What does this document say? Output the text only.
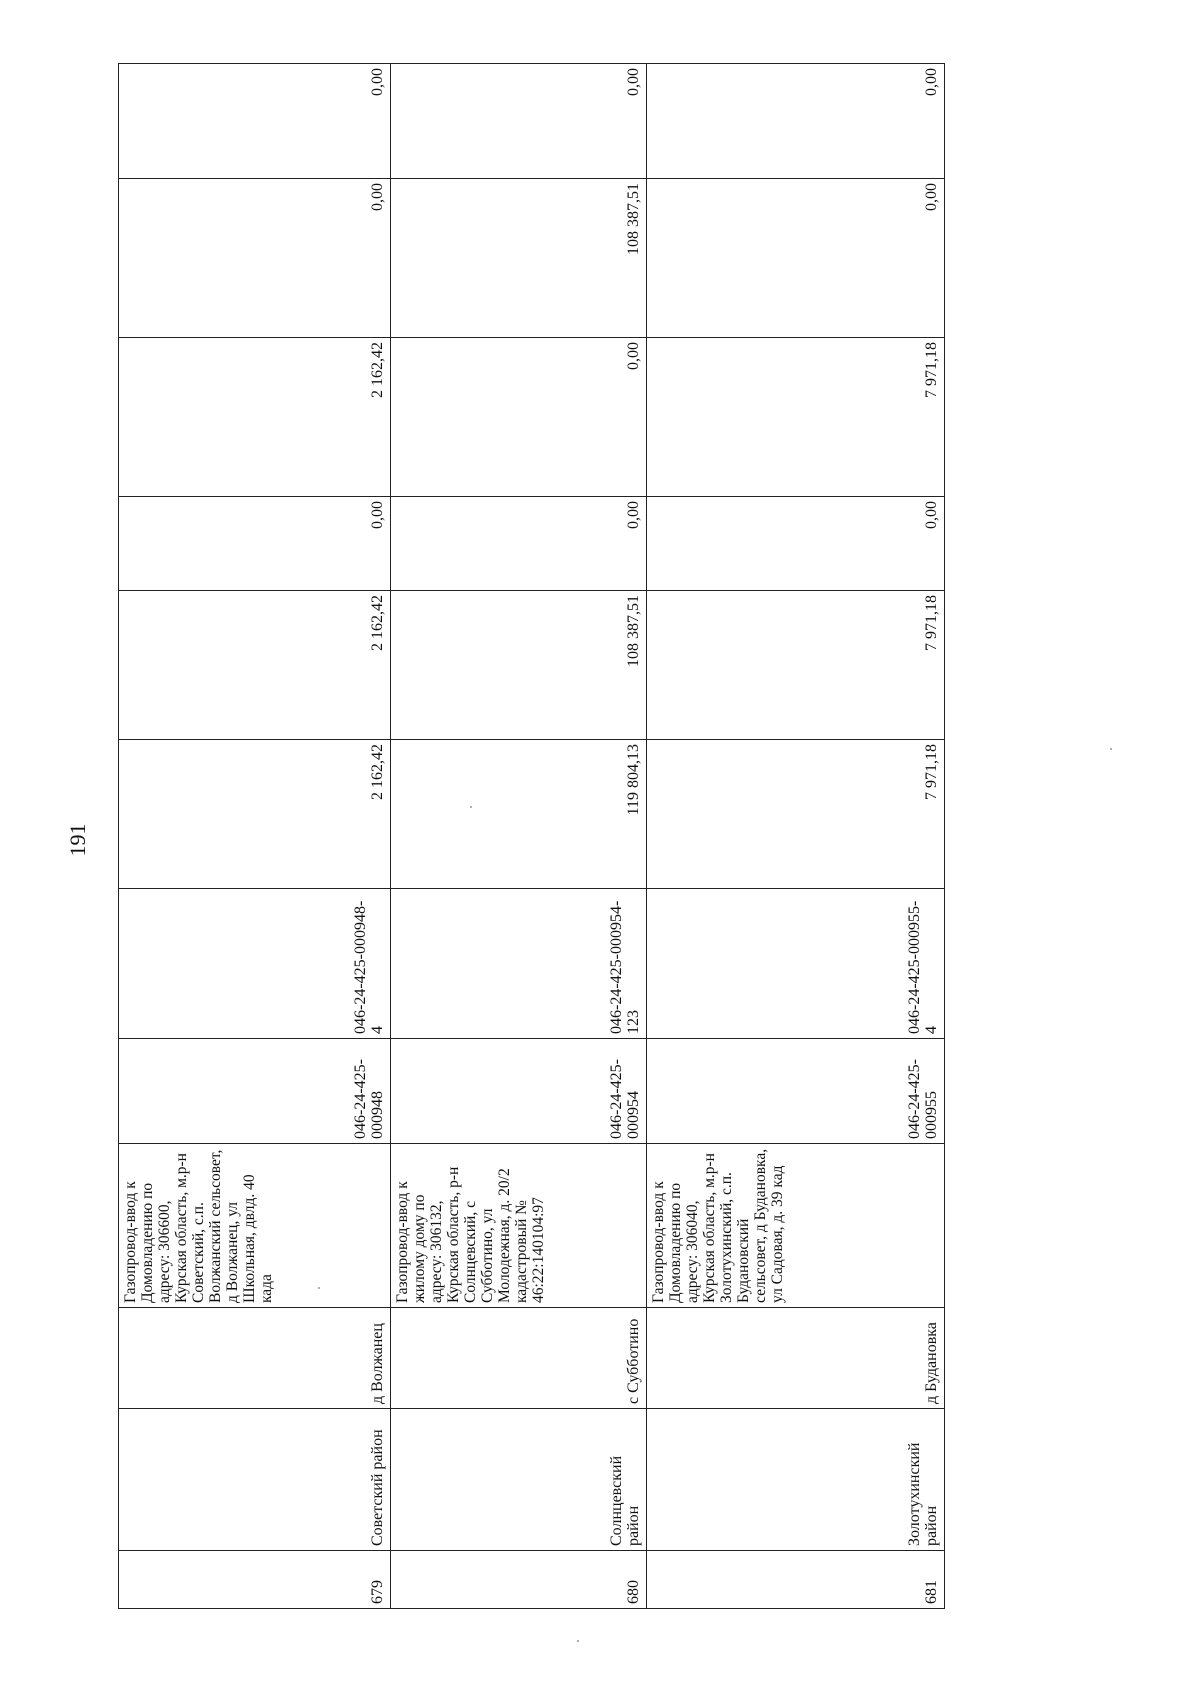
191
679	Советский район	д Волжанец	Газопровод-ввод к Домовладению по адресу: 306600, Курская область, м.р-н Советский, с.п. Волжанский сельсовет, д Волжанец, ул Школьная, двлд. 40 када	046-24-425-000948	046-24-425-000948-4	2 162,42	2 162,42	0,00	2 162,42	0,00	0,00
680	Солнцевский район	с Субботино	Газопровод-ввод к жилому дому по адресу: 306132, Курская область, р-н Солнцевский, с Субботино, ул Молодежная, д. 20/2 кадастровый № 46:22:140104:97	046-24-425-000954	046-24-425-000954-123	119 804,13	108 387,51	0,00	0,00	108 387,51	0,00
681	Золотухинский район	д Будановка	Газопровод-ввод к Домовладению по адресу: 306040, Курская область, м.р-н Золотухинский, с.п. Будановский сельсовет, д Будановка, ул Садовая, д. 39 кад	046-24-425-000955	046-24-425-000955-4	7 971,18	7 971,18	0,00	7 971,18	0,00	0,00
